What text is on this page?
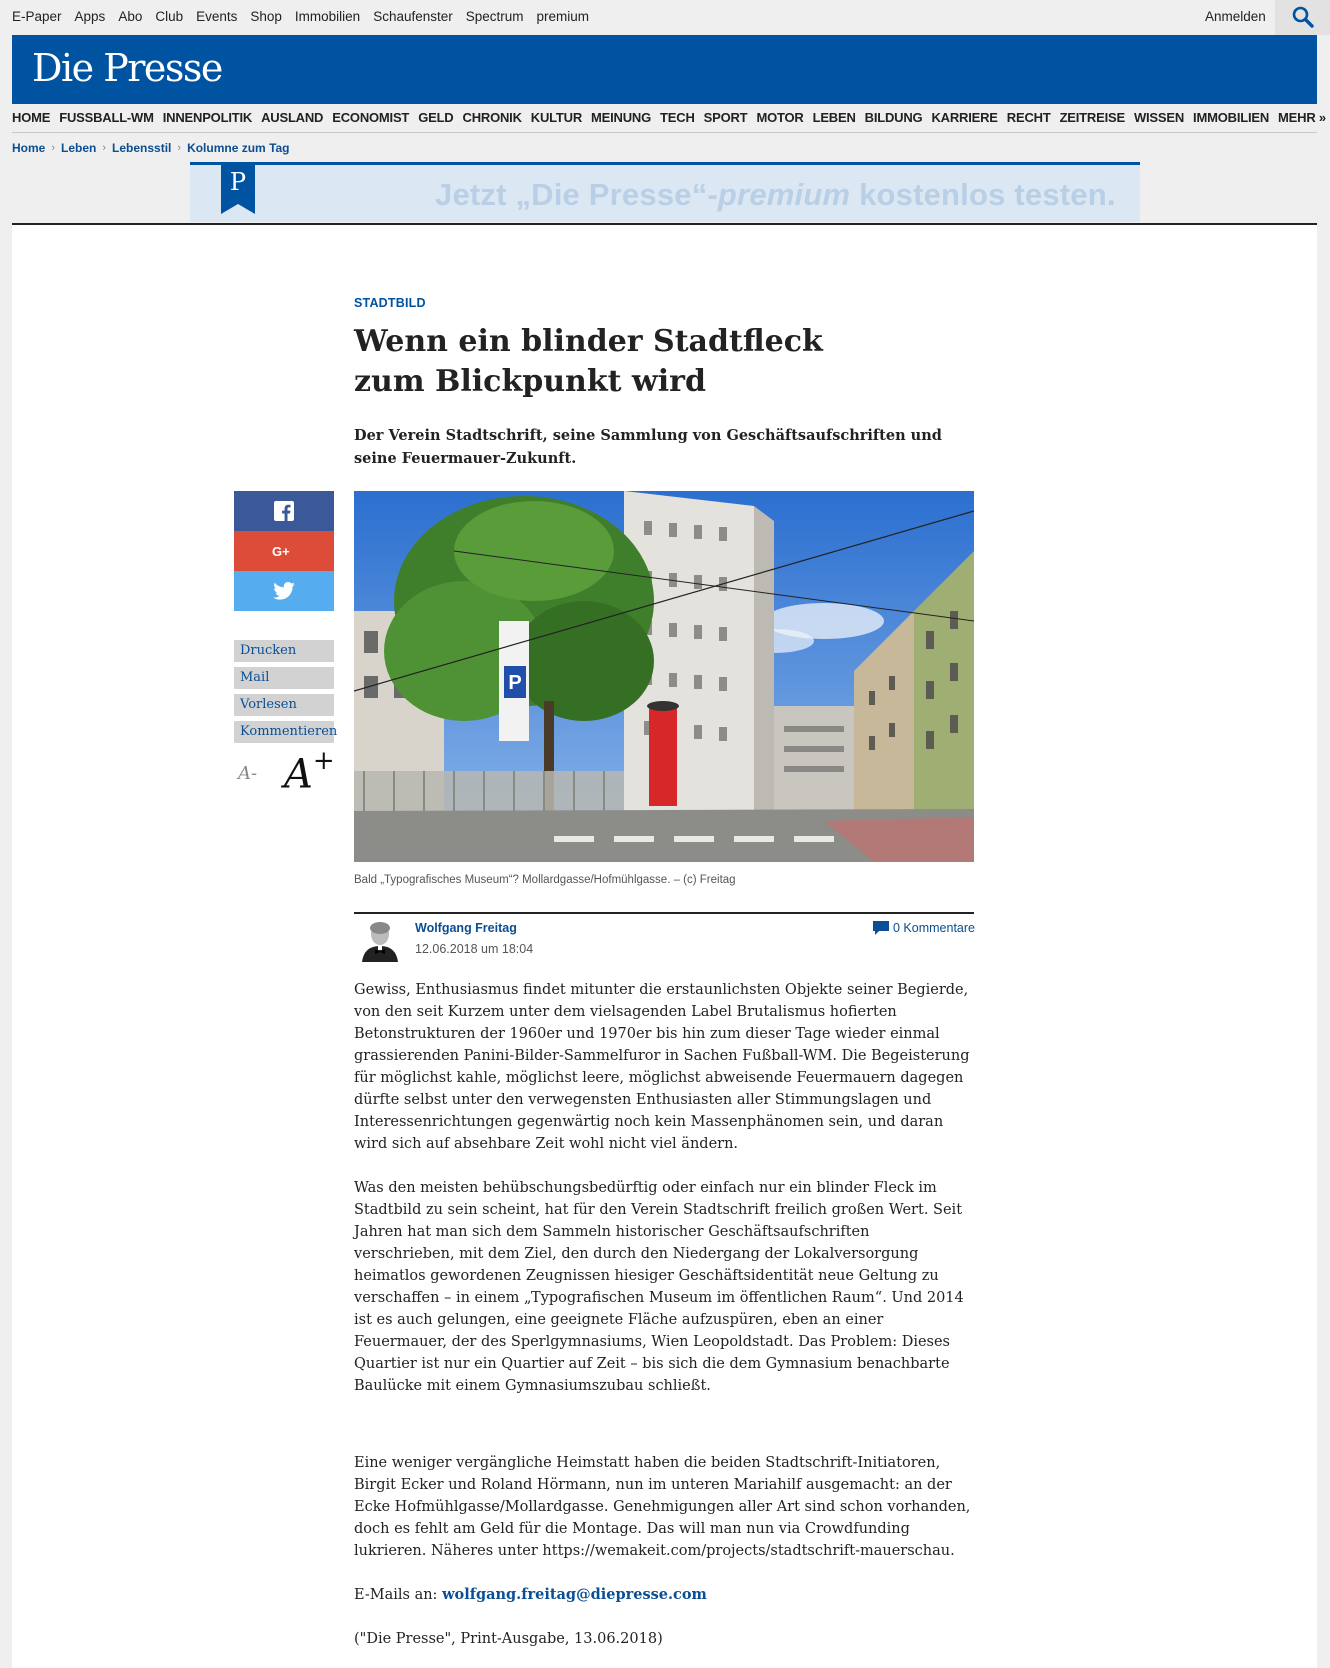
E-Paper Apps Abo Club Events Shop Immobilien Schaufenster Spectrum premium	Anmelden
Die Presse
HOME FUSSBALL-WM INNENPOLITIK AUSLAND ECONOMIST GELD CHRONIK KULTUR MEINUNG TECH SPORT MOTOR LEBEN BILDUNG KARRIERE RECHT ZEITREISE WISSEN IMMOBILIEN MEHR »
Home › Leben › Lebensstil › Kolumne zum Tag
P	Jetzt „Die Presse“-premium kostenlos testen.
STADTBILD
Wenn ein blinder Stadtfleck zum Blickpunkt wird

Der Verein Stadtschrift, seine Sammlung von Geschäftsaufschriften und seine Feuermauer-Zukunft.

G+
Drucken
Mail
Vorlesen
Kommentieren
A- A+
P
Bald „Typografisches Museum“? Mollardgasse/Hofmühlgasse. – (c) Freitag
Wolfgang Freitag
12.06.2018 um 18:04
0 Kommentare

Gewiss, Enthusiasmus findet mitunter die erstaunlichsten Objekte seiner Begierde, von den seit Kurzem unter dem vielsagenden Label Brutalismus hofierten Betonstrukturen der 1960er und 1970er bis hin zum dieser Tage wieder einmal grassierenden Panini-Bilder-Sammelfuror in Sachen Fußball-WM. Die Begeisterung für möglichst kahle, möglichst leere, möglichst abweisende Feuermauern dagegen dürfte selbst unter den verwegensten Enthusiasten aller Stimmungslagen und Interessenrichtungen gegenwärtig noch kein Massenphänomen sein, und daran wird sich auf absehbare Zeit wohl nicht viel ändern.

Was den meisten behübschungsbedürftig oder einfach nur ein blinder Fleck im Stadtbild zu sein scheint, hat für den Verein Stadtschrift freilich großen Wert. Seit Jahren hat man sich dem Sammeln historischer Geschäftsaufschriften verschrieben, mit dem Ziel, den durch den Niedergang der Lokalversorgung heimatlos gewordenen Zeugnissen hiesiger Geschäftsidentität neue Geltung zu verschaffen – in einem „Typografischen Museum im öffentlichen Raum“. Und 2014 ist es auch gelungen, eine geeignete Fläche aufzuspüren, eben an einer Feuermauer, der des Sperlgymnasiums, Wien Leopoldstadt. Das Problem: Dieses Quartier ist nur ein Quartier auf Zeit – bis sich die dem Gymnasium benachbarte Baulücke mit einem Gymnasiumszubau schließt.

Eine weniger vergängliche Heimstatt haben die beiden Stadtschrift-Initiatoren, Birgit Ecker und Roland Hörmann, nun im unteren Mariahilf ausgemacht: an der Ecke Hofmühlgasse/Mollardgasse. Genehmigungen aller Art sind schon vorhanden, doch es fehlt am Geld für die Montage. Das will man nun via Crowdfunding lukrieren. Näheres unter https://wemakeit.com/projects/stadtschrift-mauerschau.

E-Mails an: wolfgang.freitag@diepresse.com

("Die Presse", Print-Ausgabe, 13.06.2018)
